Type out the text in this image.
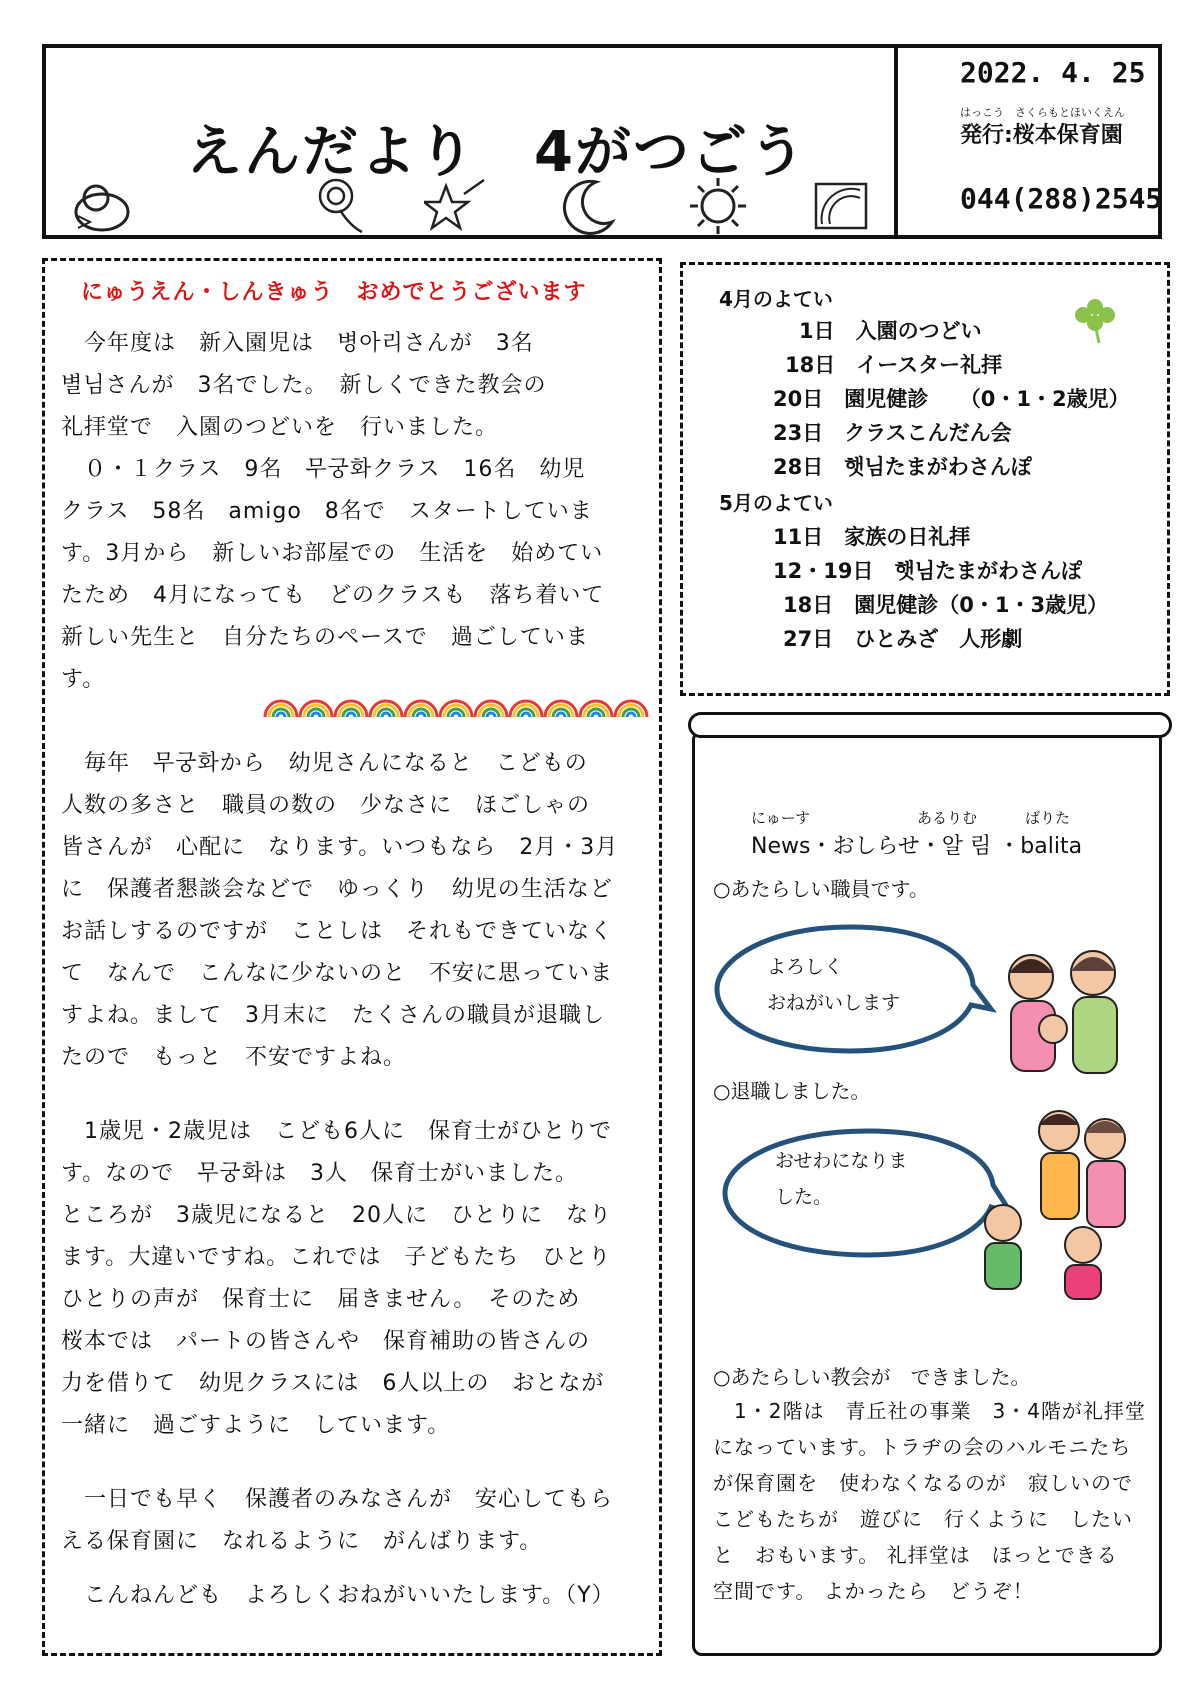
えんだより　4がつごう
2022. 4. 25
はっこう　さくらもとほいくえん
発行:桜本保育園
044(288)2545
にゅうえん・しんきゅう　おめでとうございます
　今年度は　新入園児は　병아리さんが　3名
별님さんが　3名でした。　新しくできた教会の
礼拝堂で　入園のつどいを　行いました。
　０・１クラス　9名　무궁화クラス　16名　幼児
クラス　58名　amigo　8名で　スタートしていま
す。3月から　新しいお部屋での　生活を　始めてい
たため　4月になっても　どのクラスも　落ち着いて
新しい先生と　自分たちのペースで　過ごしていま
す。
　毎年　무궁화から　幼児さんになると　こどもの
人数の多さと　職員の数の　少なさに　ほごしゃの
皆さんが　心配に　なります。いつもなら　2月・3月
に　保護者懇談会などで　ゆっくり　幼児の生活など
お話しするのですが　ことしは　それもできていなく
て　なんで　こんなに少ないのと　不安に思っていま
すよね。まして　3月末に　たくさんの職員が退職し
たので　もっと　不安ですよね。
　1歳児・2歳児は　こども6人に　保育士がひとりで
す。なので　무궁화は　3人　保育士がいました。
ところが　3歳児になると　20人に　ひとりに　なり
ます。大違いですね。これでは　子どもたち　ひとり
ひとりの声が　保育士に　届きません。　そのため
桜本では　パートの皆さんや　保育補助の皆さんの
力を借りて　幼児クラスには　6人以上の　おとなが
一緒に　過ごすように　しています。
　一日でも早く　保護者のみなさんが　安心してもら
える保育園に　なれるように　がんばります。
　こんねんども　よろしくおねがいいたします。（Y）
4月のよてい
1日　 入園のつどい
18日　 イースター礼拝
20日　 園児健診　　（0・1・2歳児）
23日　 クラスこんだん会
28日　 햇님たまがわさんぽ
5月のよてい
11日　 家族の日礼拝
12・19日　 햇님たまがわさんぽ
18日　 園児健診（0・1・3歳児）
27日　 ひとみざ　人形劇
にゅーす	あるりむ	ばりた
News・おしらせ・알 림 ・balita
○あたらしい職員です。
よろしく
おねがいします
○退職しました。
おせわになりま
した。
○あたらしい教会が　できました。
　1・2階は　青丘社の事業　3・4階が礼拝堂になっています。トラヂの会のハルモニたちが保育園を　使わなくなるのが　寂しいので　こどもたちが　遊びに　行くように　したいと　おもいます。 礼拝堂は　ほっとできる　空間です。 よかったら　どうぞ！
